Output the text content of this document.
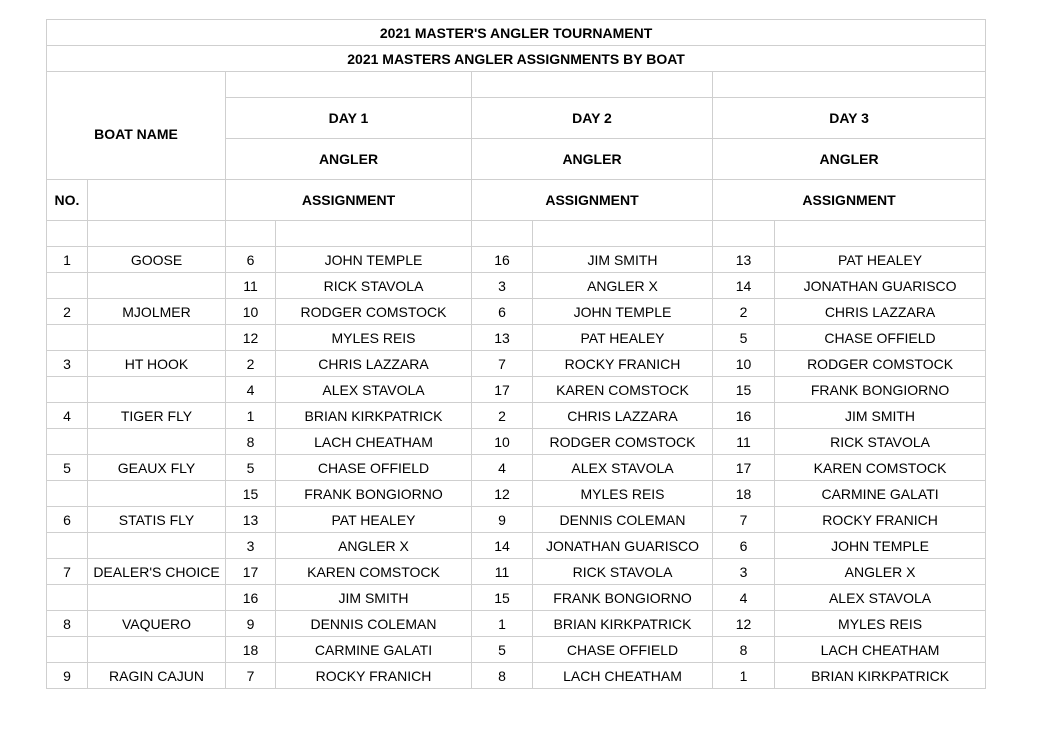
2021 MASTER'S ANGLER TOURNAMENT							
2021 MASTERS ANGLER ASSIGNMENTS BY BOAT							

		DAY 1		DAY 2		DAY 3	
BOAT NAME		ANGLER		ANGLER		ANGLER	
NO.		ASSIGNMENT		ASSIGNMENT		ASSIGNMENT	

1	GOOSE	6	JOHN TEMPLE	16	JIM SMITH	13	PAT HEALEY
		11	RICK STAVOLA	3	ANGLER X	14	JONATHAN GUARISCO
2	MJOLMER	10	RODGER COMSTOCK	6	JOHN TEMPLE	2	CHRIS LAZZARA
		12	MYLES REIS	13	PAT HEALEY	5	CHASE OFFIELD
3	HT HOOK	2	CHRIS LAZZARA	7	ROCKY FRANICH	10	RODGER COMSTOCK
		4	ALEX STAVOLA	17	KAREN COMSTOCK	15	FRANK BONGIORNO
4	TIGER FLY	1	BRIAN KIRKPATRICK	2	CHRIS LAZZARA	16	JIM SMITH
		8	LACH CHEATHAM	10	RODGER COMSTOCK	11	RICK STAVOLA
5	GEAUX FLY	5	CHASE OFFIELD	4	ALEX STAVOLA	17	KAREN COMSTOCK
		15	FRANK BONGIORNO	12	MYLES REIS	18	CARMINE GALATI
6	STATIS FLY	13	PAT HEALEY	9	DENNIS COLEMAN	7	ROCKY FRANICH
		3	ANGLER X	14	JONATHAN GUARISCO	6	JOHN TEMPLE
7	DEALER'S CHOICE	17	KAREN COMSTOCK	11	RICK STAVOLA	3	ANGLER X
		16	JIM SMITH	15	FRANK BONGIORNO	4	ALEX STAVOLA
8	VAQUERO	9	DENNIS COLEMAN	1	BRIAN KIRKPATRICK	12	MYLES REIS
		18	CARMINE GALATI	5	CHASE OFFIELD	8	LACH CHEATHAM
9	RAGIN CAJUN	7	ROCKY FRANICH	8	LACH CHEATHAM	1	BRIAN KIRKPATRICK
